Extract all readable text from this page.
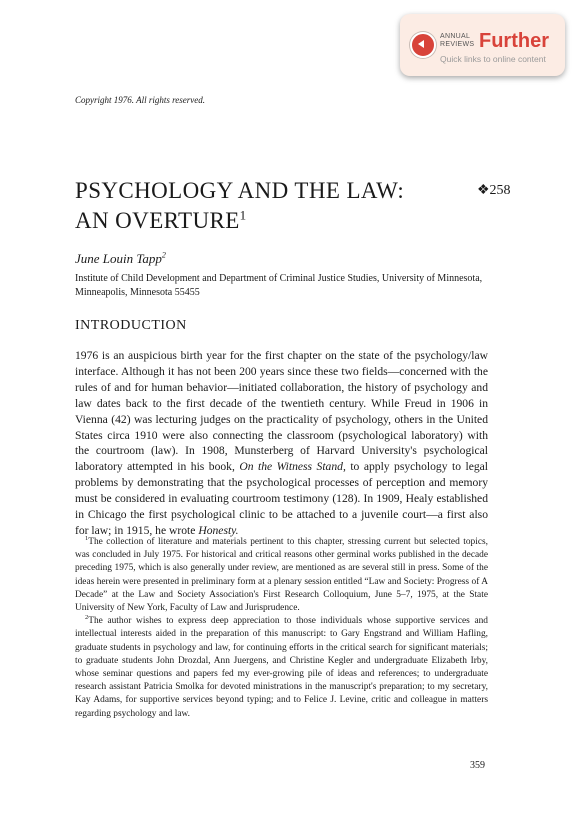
ANNUAL
REVIEWS Further
Quick links to online content
Copyright 1976. All rights reserved.
PSYCHOLOGY AND THE LAW:
AN OVERTURE$^1$
❖258
June Louin Tapp$^2$
Institute of Child Development and Department of Criminal Justice Studies, University of Minnesota, Minneapolis, Minnesota 55455
INTRODUCTION
1976 is an auspicious birth year for the first chapter on the state of the psychology/law interface. Although it has not been 200 years since these two fields—concerned with the rules of and for human behavior—initiated collaboration, the history of psychology and law dates back to the first decade of the twentieth century. While Freud in 1906 in Vienna (42) was lecturing judges on the practicality of psychology, others in the United States circa 1910 were also connecting the classroom (psychological laboratory) with the courtroom (law). In 1908, Munsterberg of Harvard University's psychological laboratory attempted in his book, On the Witness Stand, to apply psychology to legal problems by demonstrating that the psychological processes of perception and memory must be considered in evaluating courtroom testimony (128). In 1909, Healy established in Chicago the first psychological clinic to be attached to a juvenile court—a first also for law; in 1915, he wrote Honesty.

$^1$The collection of literature and materials pertinent to this chapter, stressing current but selected topics, was concluded in July 1975. For historical and critical reasons other germinal works published in the decade preceding 1975, which is also generally under review, are mentioned as are several still in press. Some of the ideas herein were presented in preliminary form at a plenary session entitled “Law and Society: Progress of A Decade” at the Law and Society Association's First Research Colloquium, June 5–7, 1975, at the State University of New York, Faculty of Law and Jurisprudence.

$^2$The author wishes to express deep appreciation to those individuals whose supportive services and intellectual interests aided in the preparation of this manuscript: to Gary Engstrand and William Hafling, graduate students in psychology and law, for continuing efforts in the critical search for significant materials; to graduate students John Drozdal, Ann Juergens, and Christine Kegler and undergraduate Elizabeth Irby, whose seminar questions and papers fed my ever-growing pile of ideas and references; to undergraduate research assistant Patricia Smolka for devoted ministrations in the manuscript's preparation; to my secretary, Kay Adams, for supportive services beyond typing; and to Felice J. Levine, critic and colleague in matters regarding psychology and law.

359
